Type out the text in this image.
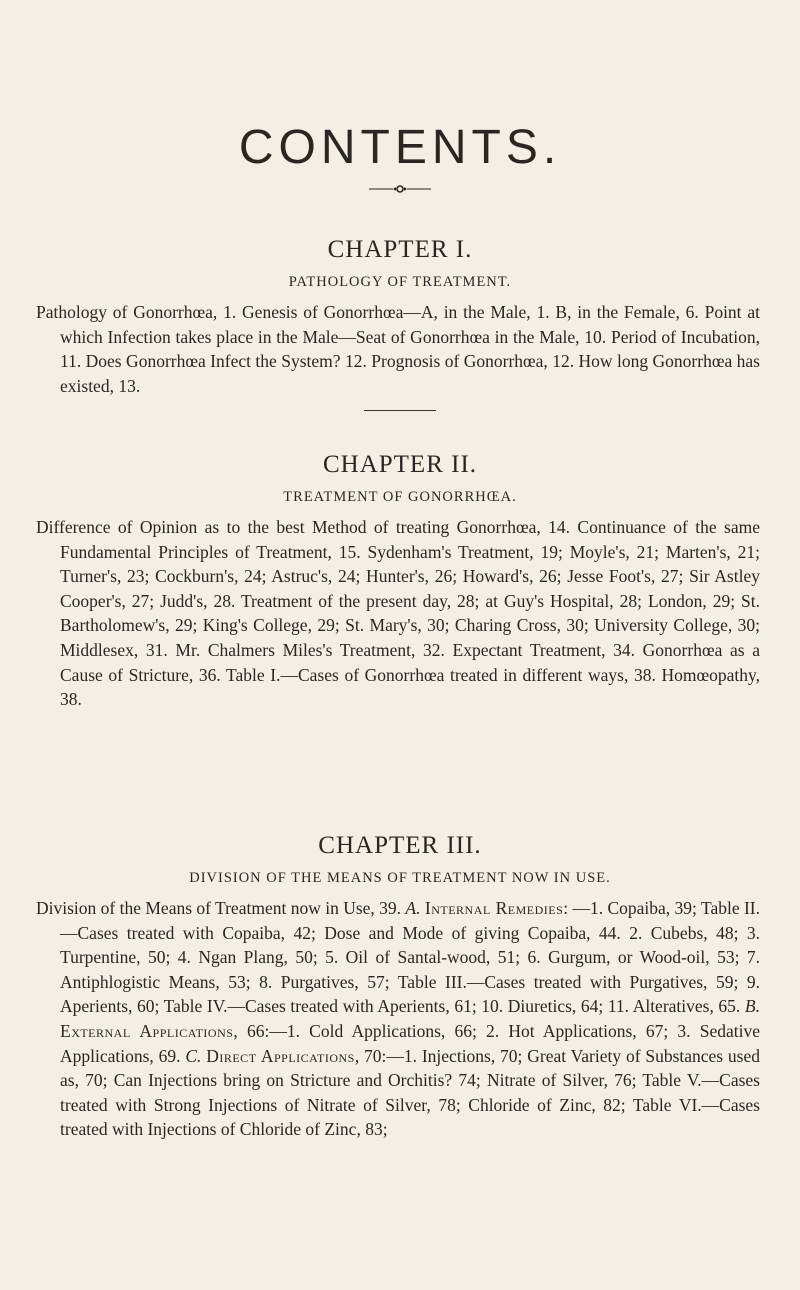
CONTENTS.
CHAPTER I.
PATHOLOGY OF TREATMENT.
Pathology of Gonorrhœa, 1. Genesis of Gonorrhœa—A, in the Male, 1. B, in the Female, 6. Point at which Infection takes place in the Male—Seat of Gonorrhœa in the Male, 10. Period of Incubation, 11. Does Gonorrhœa Infect the System? 12. Prognosis of Gonorrhœa, 12. How long Gonorrhœa has existed, 13.
CHAPTER II.
TREATMENT OF GONORRHŒA.
Difference of Opinion as to the best Method of treating Gonorrhœa, 14. Continuance of the same Fundamental Principles of Treatment, 15. Sydenham's Treatment, 19; Moyle's, 21; Marten's, 21; Turner's, 23; Cockburn's, 24; Astruc's, 24; Hunter's, 26; Howard's, 26; Jesse Foot's, 27; Sir Astley Cooper's, 27; Judd's, 28. Treatment of the present day, 28; at Guy's Hospital, 28; London, 29; St. Bartholomew's, 29; King's College, 29; St. Mary's, 30; Charing Cross, 30; University College, 30; Middlesex, 31. Mr. Chalmers Miles's Treatment, 32. Expectant Treatment, 34. Gonorrhœa as a Cause of Stricture, 36. Table I.—Cases of Gonorrhœa treated in different ways, 38. Homœopathy, 38.
CHAPTER III.
DIVISION OF THE MEANS OF TREATMENT NOW IN USE.
Division of the Means of Treatment now in Use, 39. A. Internal Remedies: —1. Copaiba, 39; Table II.—Cases treated with Copaiba, 42; Dose and Mode of giving Copaiba, 44. 2. Cubebs, 48; 3. Turpentine, 50; 4. Ngan Plang, 50; 5. Oil of Santal-wood, 51; 6. Gurgum, or Wood-oil, 53; 7. Antiphlogistic Means, 53; 8. Purgatives, 57; Table III.—Cases treated with Purgatives, 59; 9. Aperients, 60; Table IV.—Cases treated with Aperients, 61; 10. Diuretics, 64; 11. Alteratives, 65. B. External Applications, 66:—1. Cold Applications, 66; 2. Hot Applications, 67; 3. Sedative Applications, 69. C. Direct Applications, 70:—1. Injections, 70; Great Variety of Substances used as, 70; Can Injections bring on Stricture and Orchitis? 74; Nitrate of Silver, 76; Table V.—Cases treated with Strong Injections of Nitrate of Silver, 78; Chloride of Zinc, 82; Table VI.—Cases treated with Injections of Chloride of Zinc, 83;
